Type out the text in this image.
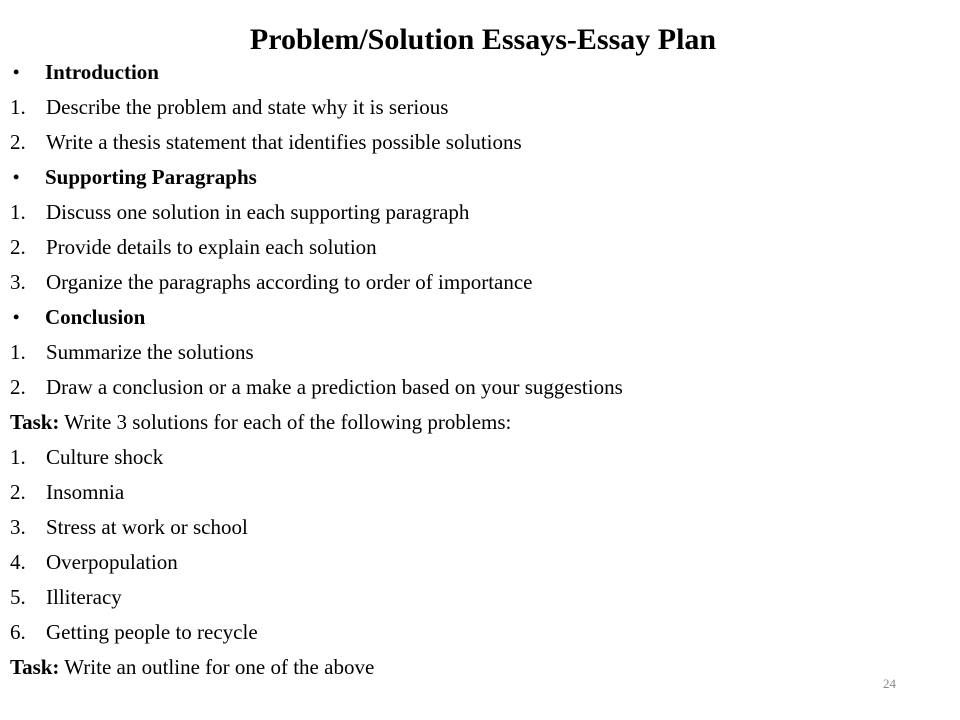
Problem/Solution Essays-Essay Plan
• Introduction
1. Describe the problem and state why it is serious
2. Write a thesis statement that identifies possible solutions
• Supporting Paragraphs
1. Discuss one solution in each supporting paragraph
2. Provide details to explain each solution
3. Organize the paragraphs according to order of importance
• Conclusion
1. Summarize the solutions
2. Draw a conclusion or a make a prediction based on your suggestions
Task: Write 3 solutions for each of the following problems:
1. Culture shock
2. Insomnia
3. Stress at work or school
4. Overpopulation
5. Illiteracy
6. Getting people to recycle
Task: Write an outline for one of the above
24
